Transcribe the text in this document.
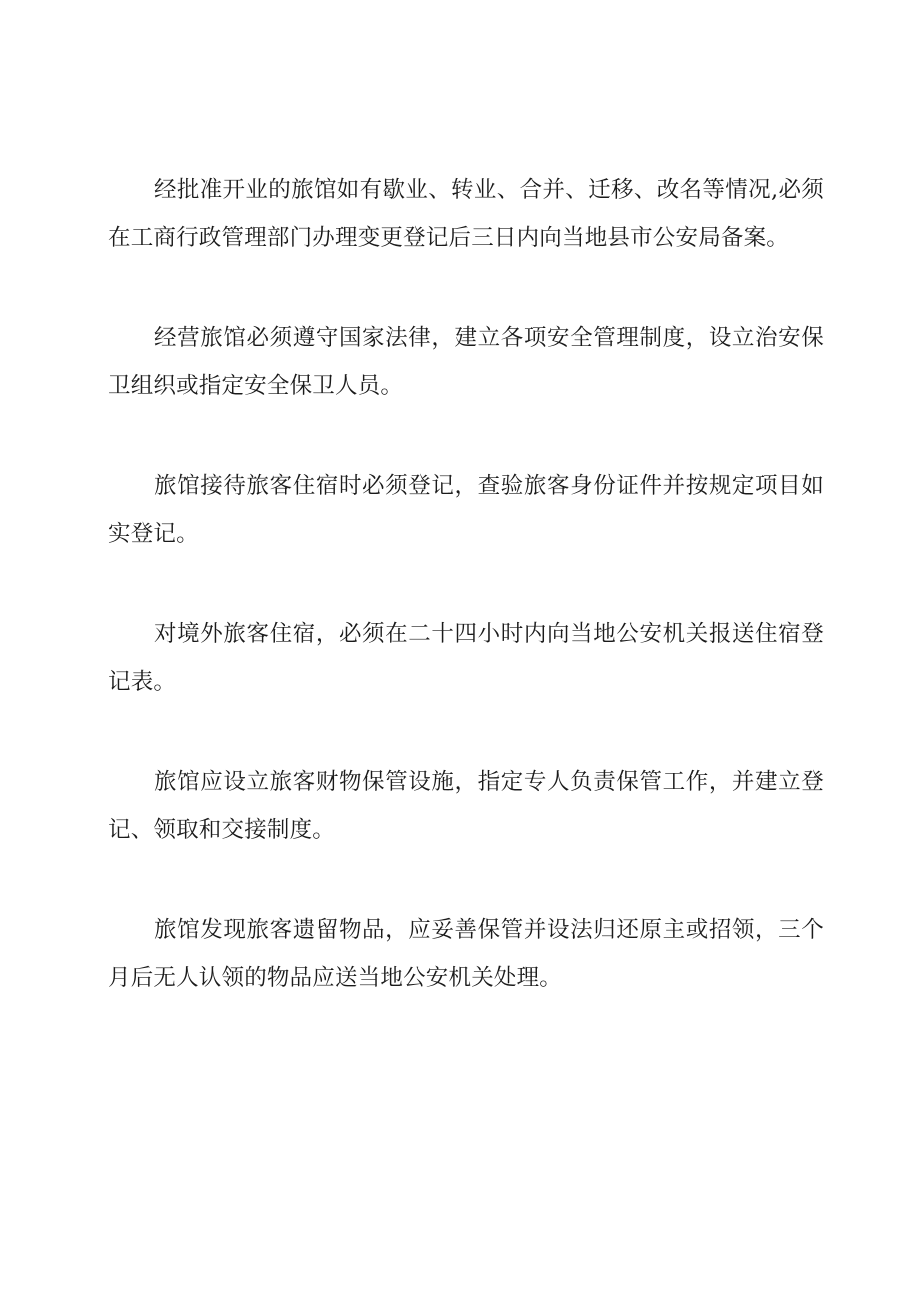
经批准开业的旅馆如有歇业、转业、合并、迁移、改名等情况,必须在工商行政管理部门办理变更登记后三日内向当地县市公安局备案。

经营旅馆必须遵守国家法律，建立各项安全管理制度，设立治安保卫组织或指定安全保卫人员。

旅馆接待旅客住宿时必须登记，查验旅客身份证件并按规定项目如实登记。

对境外旅客住宿，必须在二十四小时内向当地公安机关报送住宿登记表。

旅馆应设立旅客财物保管设施，指定专人负责保管工作，并建立登记、领取和交接制度。

旅馆发现旅客遗留物品，应妥善保管并设法归还原主或招领，三个月后无人认领的物品应送当地公安机关处理。
